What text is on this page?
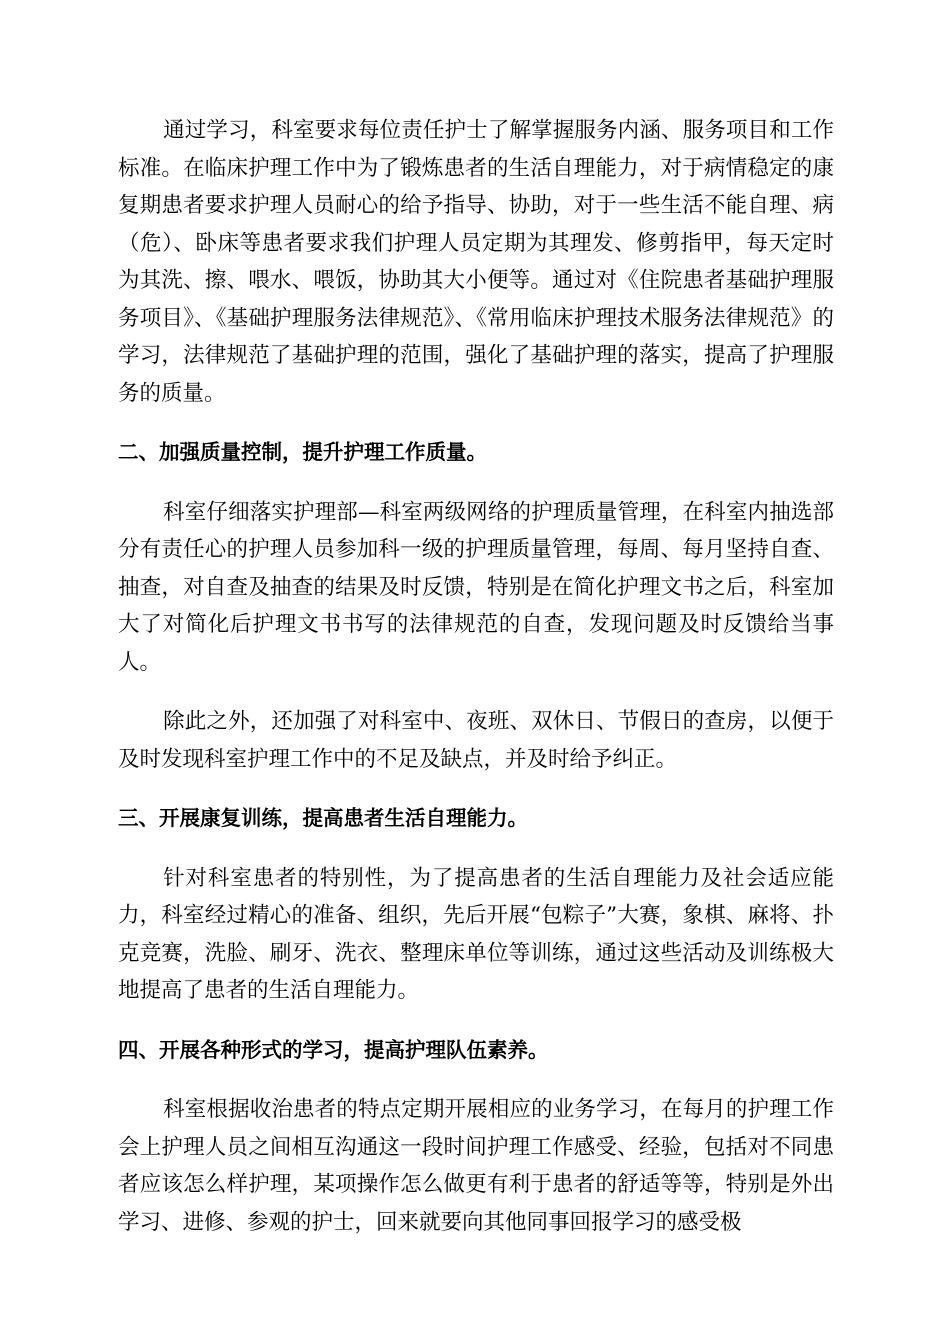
通过学习，科室要求每位责任护士了解掌握服务内涵、服务项目和工作标准。在临床护理工作中为了锻炼患者的生活自理能力，对于病情稳定的康复期患者要求护理人员耐心的给予指导、协助，对于一些生活不能自理、病（危）、卧床等患者要求我们护理人员定期为其理发、修剪指甲，每天定时为其洗、擦、喂水、喂饭，协助其大小便等。通过对《住院患者基础护理服务项目》、《基础护理服务法律规范》、《常用临床护理技术服务法律规范》的学习，法律规范了基础护理的范围，强化了基础护理的落实，提高了护理服务的质量。

二、加强质量控制，提升护理工作质量。

科室仔细落实护理部—科室两级网络的护理质量管理，在科室内抽选部分有责任心的护理人员参加科一级的护理质量管理，每周、每月坚持自查、抽查，对自查及抽查的结果及时反馈，特别是在简化护理文书之后，科室加大了对简化后护理文书书写的法律规范的自查，发现问题及时反馈给当事人。

除此之外，还加强了对科室中、夜班、双休日、节假日的查房，以便于及时发现科室护理工作中的不足及缺点，并及时给予纠正。

三、开展康复训练，提高患者生活自理能力。

针对科室患者的特别性，为了提高患者的生活自理能力及社会适应能力，科室经过精心的准备、组织，先后开展“包粽子”大赛，象棋、麻将、扑克竞赛，洗脸、刷牙、洗衣、整理床单位等训练，通过这些活动及训练极大地提高了患者的生活自理能力。

四、开展各种形式的学习，提高护理队伍素养。

科室根据收治患者的特点定期开展相应的业务学习，在每月的护理工作会上护理人员之间相互沟通这一段时间护理工作感受、经验，包括对不同患者应该怎么样护理，某项操作怎么做更有利于患者的舒适等等，特别是外出学习、进修、参观的护士，回来就要向其他同事回报学习的感受极
